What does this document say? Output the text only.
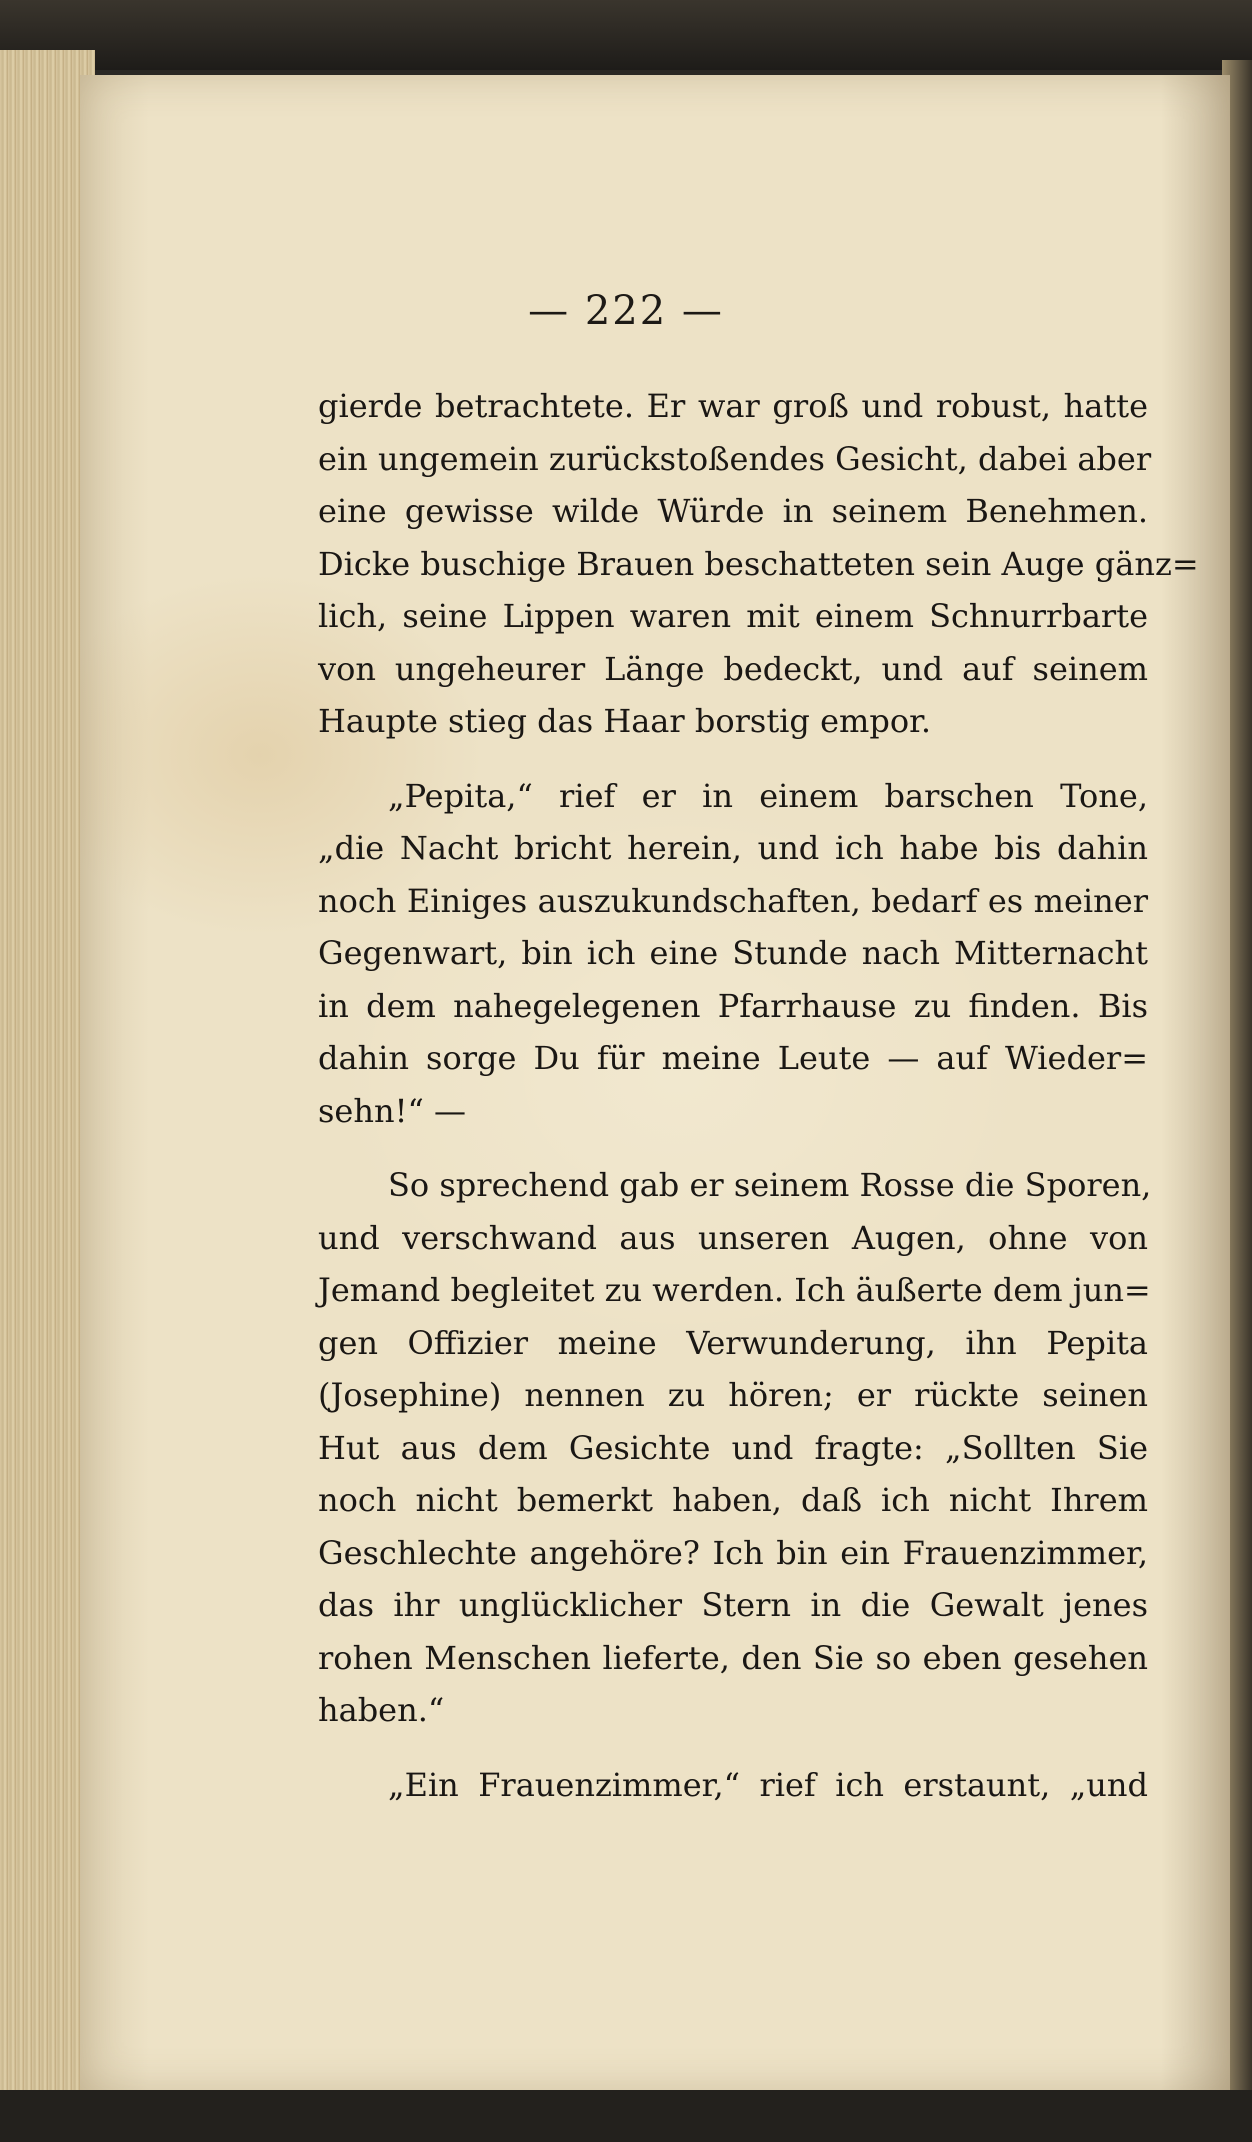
— 222 —
gierde betrachtete. Er war groß und robust, hatte
ein ungemein zurückstoßendes Gesicht, dabei aber
eine gewisse wilde Würde in seinem Benehmen.
Dicke buschige Brauen beschatteten sein Auge gänz=
lich, seine Lippen waren mit einem Schnurrbarte
von ungeheurer Länge bedeckt, und auf seinem
Haupte stieg das Haar borstig empor.
„Pepita,“ rief er in einem barschen Tone,
„die Nacht bricht herein, und ich habe bis dahin
noch Einiges auszukundschaften, bedarf es meiner
Gegenwart, bin ich eine Stunde nach Mitternacht
in dem nahegelegenen Pfarrhause zu finden. Bis
dahin sorge Du für meine Leute — auf Wieder=
sehn!“ —
So sprechend gab er seinem Rosse die Sporen,
und verschwand aus unseren Augen, ohne von
Jemand begleitet zu werden. Ich äußerte dem jun=
gen Offizier meine Verwunderung, ihn Pepita
(Josephine) nennen zu hören; er rückte seinen
Hut aus dem Gesichte und fragte: „Sollten Sie
noch nicht bemerkt haben, daß ich nicht Ihrem
Geschlechte angehöre? Ich bin ein Frauenzimmer,
das ihr unglücklicher Stern in die Gewalt jenes
rohen Menschen lieferte, den Sie so eben gesehen
haben.“
„Ein Frauenzimmer,“ rief ich erstaunt, „und
